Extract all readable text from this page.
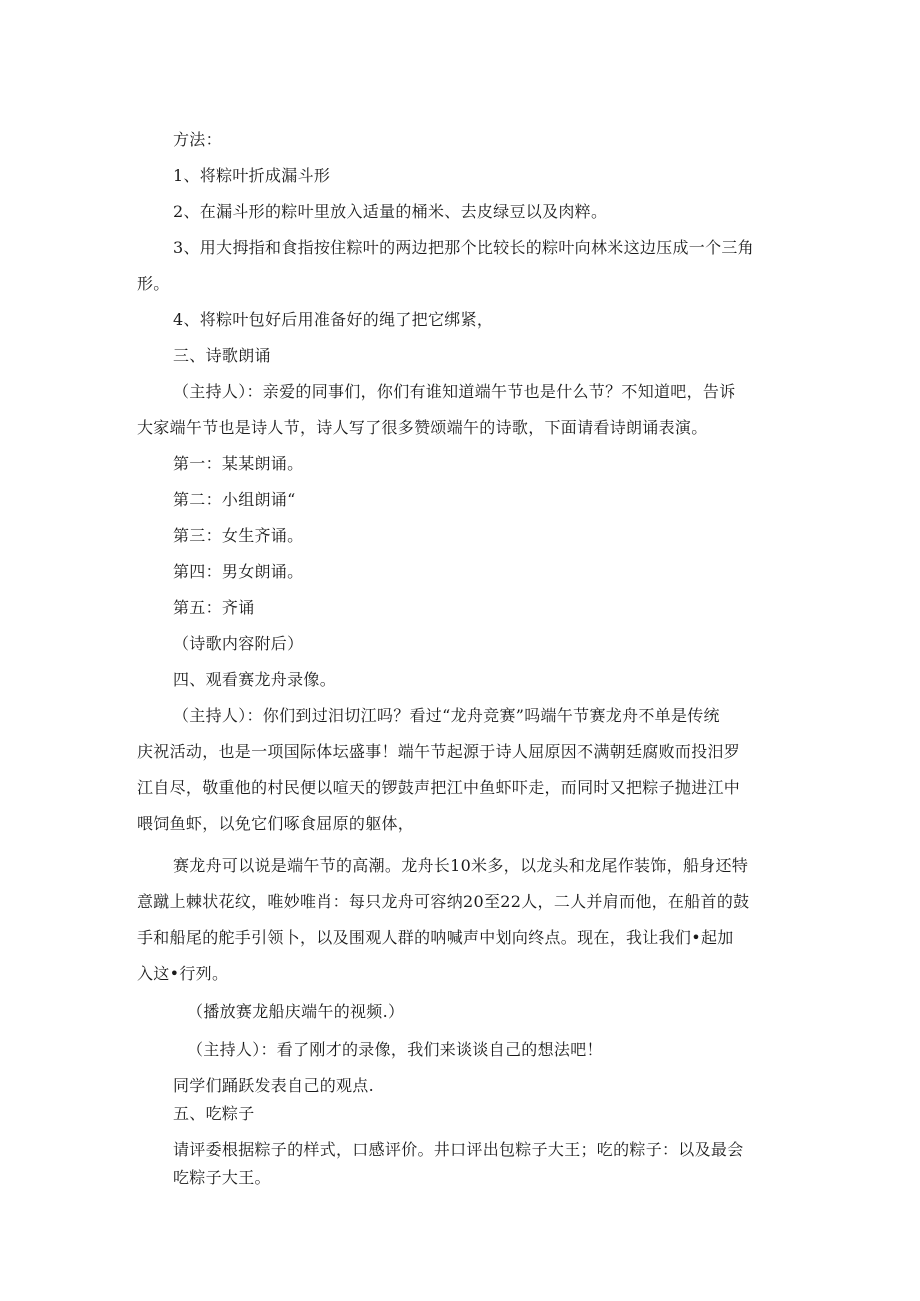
方法：
1、将粽叶折成漏斗形
2、在漏斗形的粽叶里放入适量的桶米、去皮绿豆以及肉粹。
3、用大拇指和食指按住粽叶的两边把那个比较长的粽叶向林米这边压成一个三角
形。
4、将粽叶包好后用准备好的绳了把它绑紧，
三、诗歌朗诵
（主持人）：亲爱的同事们，你们有谁知道端午节也是什么节？不知道吧，告诉
大家端午节也是诗人节，诗人写了很多赞颂端午的诗歌，下面请看诗朗诵表演。
第一：某某朗诵。
第二：小组朗诵“
第三：女生齐诵。
第四：男女朗诵。
第五：齐诵
（诗歌内容附后）
四、观看赛龙舟录像。
（主持人）：你们到过汨切江吗？看过“龙舟竞赛”吗端午节赛龙舟不单是传统
庆祝活动，也是一项国际体坛盛事！端午节起源于诗人屈原因不满朝廷腐败而投汨罗
江自尽，敬重他的村民便以喧天的锣鼓声把江中鱼虾吓走，而同时又把粽子抛进江中
喂饲鱼虾，以免它们啄食屈原的躯体，
赛龙舟可以说是端午节的高潮。龙舟长10米多，以龙头和龙尾作装饰，船身还特
意蹴上棘状花纹，唯妙唯肖：每只龙舟可容纳20至22人，二人并肩而他，在船首的鼓
手和船尾的舵手引领卜，以及围观人群的呐喊声中划向终点。现在，我让我们•起加
入这•行列。
（播放赛龙船庆端午的视频.）
（主持人）：看了刚才的录像，我们来谈谈自己的想法吧！
同学们踊跃发表自己的观点.
五、吃粽子
请评委根据粽子的样式，口感评价。井口评出包粽子大王；吃的粽子：以及最会
吃粽子大王。
